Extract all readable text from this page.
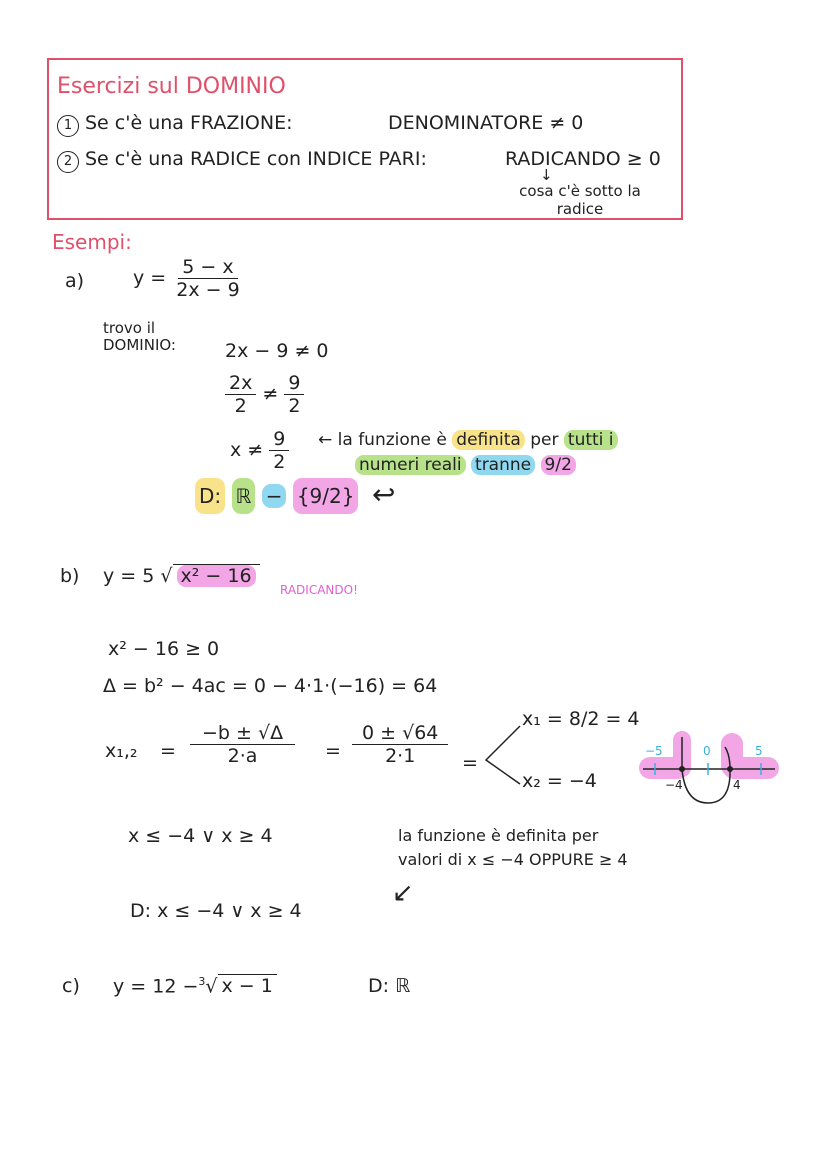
Esercizi sul DOMINIO
1 Se c'è una FRAZIONE:	DENOMINATORE ≠ 0
2 Se c'è una RADICE con INDICE PARI:	RADICANDO ≥ 0
↓
cosa c'è sotto la radice
Esempi:
a)	$y = \frac{5 - x}{2x - 9}$
trovo il DOMINIO:	2x − 9 ≠ 0
$\frac{2x}{2} \ne \frac{9}{2}$
$x \ne \frac{9}{2}$ ← la funzione è definita per tutti i
numeri reali tranne 9/2
D: ℝ − {9/2} ↩
b) y = 5 √ x² − 16
RADICANDO!
x² − 16 ≥ 0
Δ = b² − 4ac = 0 − 4·1·(−16) = 64
$x_1,_2 = \frac{-b \pm √\Delta}{2\cdot a} = \frac{0 \pm √64}{2\cdot 1}$ =
x₁ = 8/2 = 4
x₂ = −4
−5	0	5
−4	4
x ≤ −4 ∨ x ≥ 4	la funzione è definita per
valori di x ≤ −4 OPPURE ≥ 4
↙
D: x ≤ −4 ∨ x ≥ 4
c) y = 12 −$^3$√ x − 1	D: ℝ
